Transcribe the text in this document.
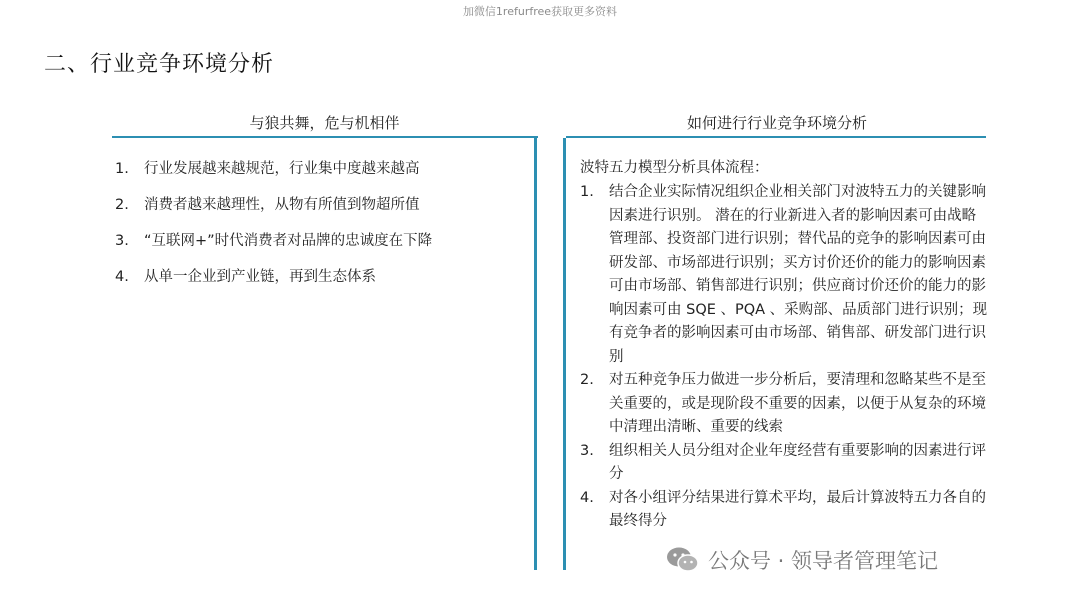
加微信1refurfree获取更多资料
二、行业竞争环境分析
与狼共舞，危与机相伴	如何进行行业竞争环境分析
1. 行业发展越来越规范，行业集中度越来越高
2. 消费者越来越理性，从物有所值到物超所值
3. “互联网+”时代消费者对品牌的忠诚度在下降
4. 从单一企业到产业链，再到生态体系
波特五力模型分析具体流程：
1. 结合企业实际情况组织企业相关部门对波特五力的关键影响因素进行识别。 潜在的行业新进入者的影响因素可由战略管理部、投资部门进行识别；替代品的竞争的影响因素可由研发部、市场部进行识别；买方讨价还价的能力的影响因素可由市场部、销售部进行识别；供应商讨价还价的能力的影响因素可由 SQE 、PQA 、采购部、品质部门进行识别；现有竞争者的影响因素可由市场部、销售部、研发部门进行识别
2. 对五种竞争压力做进一步分析后，要清理和忽略某些不是至关重要的，或是现阶段不重要的因素，以便于从复杂的环境中清理出清晰、重要的线索
3. 组织相关人员分组对企业年度经营有重要影响的因素进行评分
4. 对各小组评分结果进行算术平均，最后计算波特五力各自的最终得分
公众号 · 领导者管理笔记
